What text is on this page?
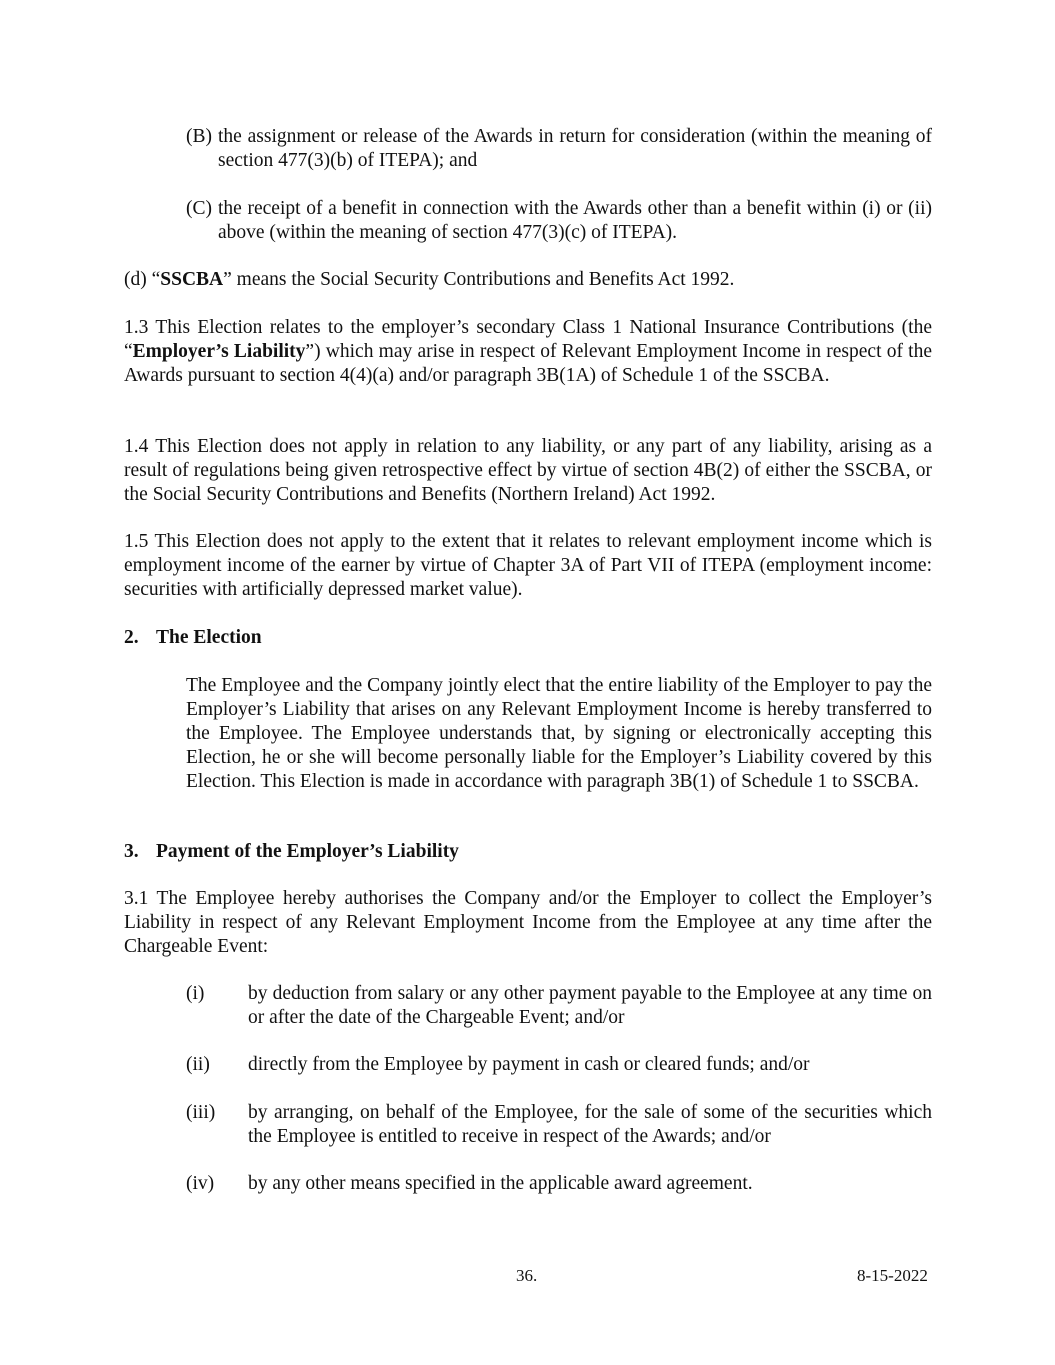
(B) the assignment or release of the Awards in return for consideration (within the meaning of section 477(3)(b) of ITEPA); and
(C) the receipt of a benefit in connection with the Awards other than a benefit within (i) or (ii) above (within the meaning of section 477(3)(c) of ITEPA).
(d) “SSCBA” means the Social Security Contributions and Benefits Act 1992.
1.3 This Election relates to the employer’s secondary Class 1 National Insurance Contributions (the “Employer’s Liability”) which may arise in respect of Relevant Employment Income in respect of the Awards pursuant to section 4(4)(a) and/or paragraph 3B(1A) of Schedule 1 of the SSCBA.
1.4 This Election does not apply in relation to any liability, or any part of any liability, arising as a result of regulations being given retrospective effect by virtue of section 4B(2) of either the SSCBA, or the Social Security Contributions and Benefits (Northern Ireland) Act 1992.
1.5 This Election does not apply to the extent that it relates to relevant employment income which is employment income of the earner by virtue of Chapter 3A of Part VII of ITEPA (employment income: securities with artificially depressed market value).
2. The Election
The Employee and the Company jointly elect that the entire liability of the Employer to pay the Employer’s Liability that arises on any Relevant Employment Income is hereby transferred to the Employee. The Employee understands that, by signing or electronically accepting this Election, he or she will become personally liable for the Employer’s Liability covered by this Election. This Election is made in accordance with paragraph 3B(1) of Schedule 1 to SSCBA.
3. Payment of the Employer’s Liability
3.1 The Employee hereby authorises the Company and/or the Employer to collect the Employer’s Liability in respect of any Relevant Employment Income from the Employee at any time after the Chargeable Event:
(i) by deduction from salary or any other payment payable to the Employee at any time on or after the date of the Chargeable Event; and/or
(ii) directly from the Employee by payment in cash or cleared funds; and/or
(iii) by arranging, on behalf of the Employee, for the sale of some of the securities which the Employee is entitled to receive in respect of the Awards; and/or
(iv) by any other means specified in the applicable award agreement.
36.	8-15-2022
